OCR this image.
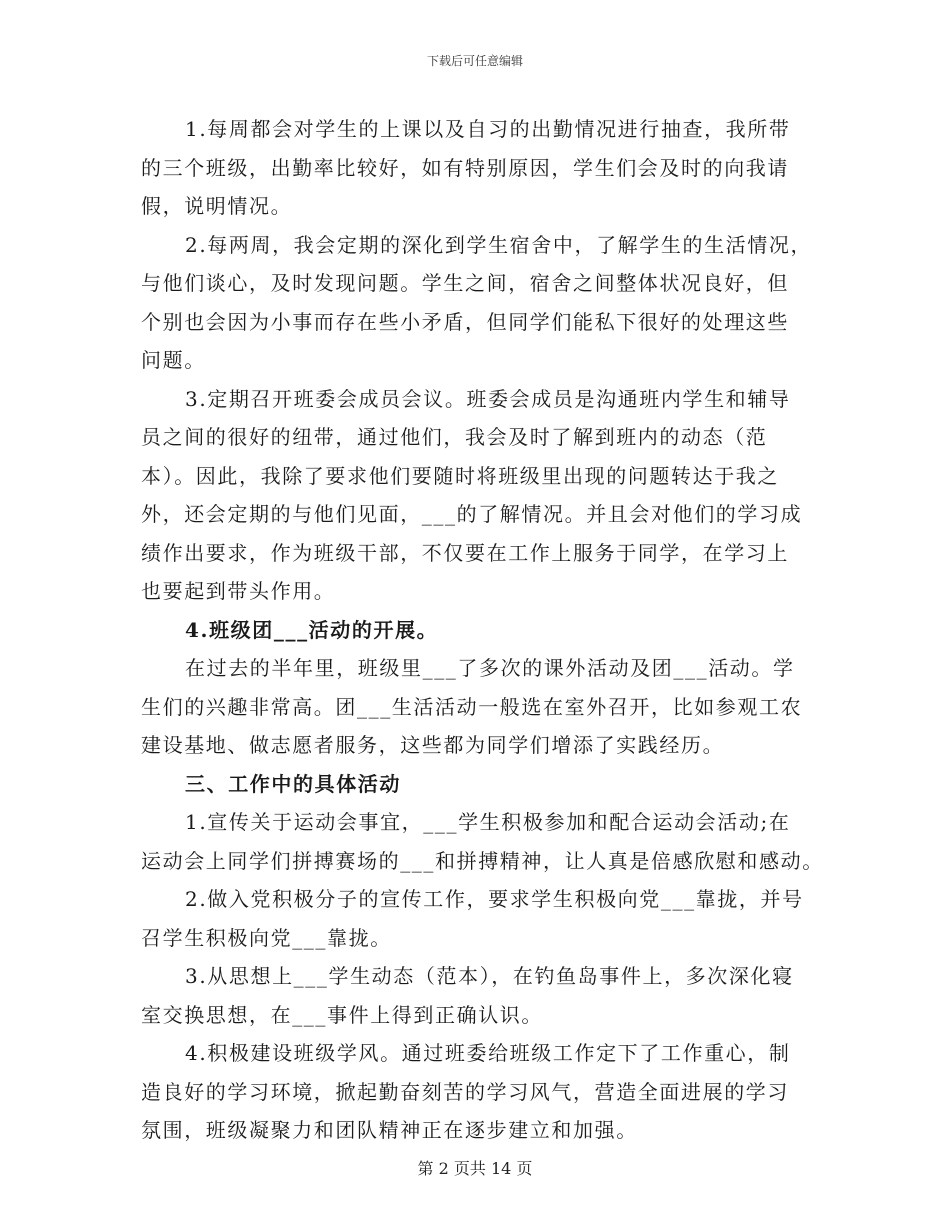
下载后可任意编辑
1.每周都会对学生的上课以及自习的出勤情况进行抽查，我所带
的三个班级，出勤率比较好，如有特别原因，学生们会及时的向我请
假，说明情况。
2.每两周，我会定期的深化到学生宿舍中，了解学生的生活情况，
与他们谈心，及时发现问题。学生之间，宿舍之间整体状况良好，但
个别也会因为小事而存在些小矛盾，但同学们能私下很好的处理这些
问题。
3.定期召开班委会成员会议。班委会成员是沟通班内学生和辅导
员之间的很好的纽带，通过他们，我会及时了解到班内的动态（范
本）。因此，我除了要求他们要随时将班级里出现的问题转达于我之
外，还会定期的与他们见面，___的了解情况。并且会对他们的学习成
绩作出要求，作为班级干部，不仅要在工作上服务于同学，在学习上
也要起到带头作用。
4.班级团___活动的开展。
在过去的半年里，班级里___了多次的课外活动及团___活动。学
生们的兴趣非常高。团___生活活动一般选在室外召开，比如参观工农
建设基地、做志愿者服务，这些都为同学们增添了实践经历。
三、工作中的具体活动
1.宣传关于运动会事宜，___学生积极参加和配合运动会活动;在
运动会上同学们拼搏赛场的___和拼搏精神，让人真是倍感欣慰和感动。
2.做入党积极分子的宣传工作，要求学生积极向党___靠拢，并号
召学生积极向党___靠拢。
3.从思想上___学生动态（范本），在钓鱼岛事件上，多次深化寝
室交换思想，在___事件上得到正确认识。
4.积极建设班级学风。通过班委给班级工作定下了工作重心，制
造良好的学习环境，掀起勤奋刻苦的学习风气，营造全面进展的学习
氛围，班级凝聚力和团队精神正在逐步建立和加强。
第 2 页共 14 页
